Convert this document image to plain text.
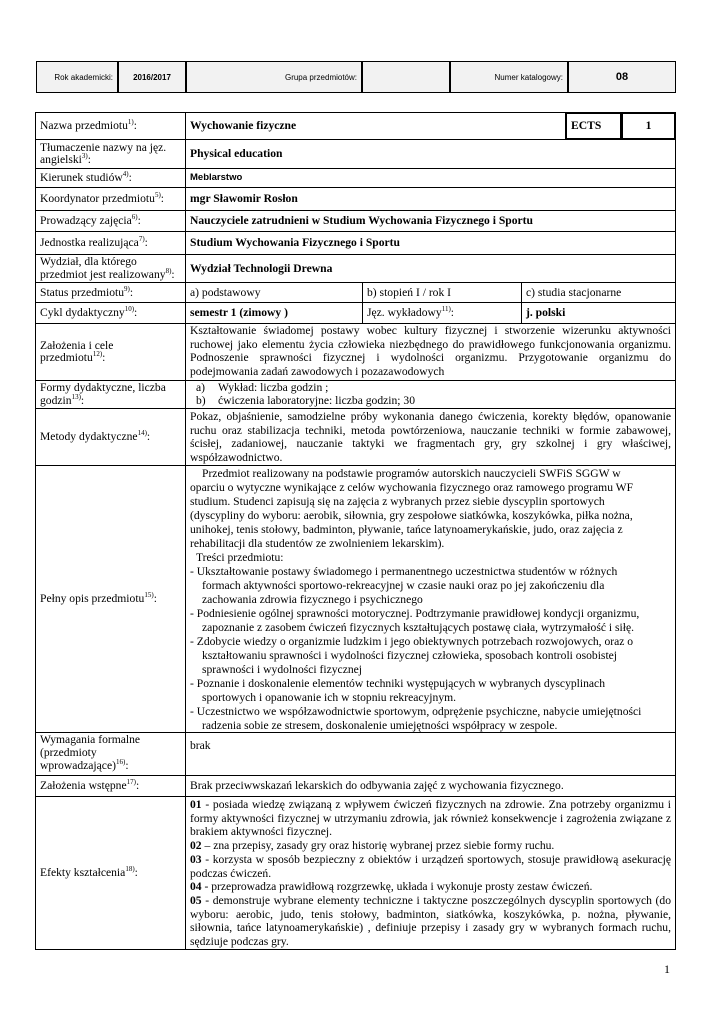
Rok akademicki:	2016/2017	Grupa przedmiotów:	Numer katalogowy:	08
Nazwa przedmiotu$^{1)}$:	Wychowanie fizyczne	ECTS	1
Tłumaczenie nazwy na jęz.
angielski$^{3)}$:	Physical education
Kierunek studiów$^{4)}$:	Meblarstwo
Koordynator przedmiotu$^{5)}$:	mgr Sławomir Rosłon
Prowadzący zajęcia$^{6)}$:	Nauczyciele zatrudnieni w Studium Wychowania Fizycznego i Sportu
Jednostka realizująca$^{7)}$:	Studium Wychowania Fizycznego i Sportu
Wydział, dla którego
przedmiot jest realizowany$^{8)}$:	Wydział Technologii Drewna
Status przedmiotu$^{9)}$:	a) podstawowy	b) stopień I / rok I	c) studia stacjonarne
Cykl dydaktyczny$^{10)}$:	semestr 1 (zimowy )	Jęz. wykładowy$^{11)}$:	j. polski
Założenia i cele
przedmiotu$^{12)}$:
Kształtowanie świadomej postawy wobec kultury fizycznej i stworzenie wizerunku aktywności ruchowej jako elementu życia człowieka niezbędnego do prawidłowego funkcjonowania organizmu. Podnoszenie sprawności fizycznej i wydolności organizmu. Przygotowanie organizmu do podejmowania zadań zawodowych i pozazawodowych
Formy dydaktyczne, liczba
godzin$^{13)}$:
a)	Wykład: liczba godzin ;
b)	ćwiczenia laboratoryjne: liczba godzin; 30
Metody dydaktyczne$^{14)}$:
Pokaz, objaśnienie, samodzielne próby wykonania danego ćwiczenia, korekty błędów, opanowanie ruchu oraz stabilizacja techniki, metoda powtórzeniowa, nauczanie techniki w formie zabawowej, ścisłej, zadaniowej, nauczanie taktyki we fragmentach gry, gry szkolnej i gry właściwej, współzawodnictwo.
Pełny opis przedmiotu$^{15)}$:
Przedmiot realizowany na podstawie programów autorskich nauczycieli SWFiS SGGW w
oparciu o wytyczne wynikające z celów wychowania fizycznego oraz ramowego programu WF
studium. Studenci zapisują się na zajęcia z wybranych przez siebie dyscyplin sportowych
(dyscypliny do wyboru: aerobik, siłownia, gry zespołowe siatkówka, koszykówka, piłka nożna,
unihokej, tenis stołowy, badminton, pływanie, tańce latynoamerykańskie, judo, oraz zajęcia z
rehabilitacji dla studentów ze zwolnieniem lekarskim).
Treści przedmiotu:
- Ukształtowanie postawy świadomego i permanentnego uczestnictwa studentów w różnych
formach aktywności sportowo-rekreacyjnej w czasie nauki oraz po jej zakończeniu dla
zachowania zdrowia fizycznego i psychicznego
- Podniesienie ogólnej sprawności motorycznej. Podtrzymanie prawidłowej kondycji organizmu,
zapoznanie z zasobem ćwiczeń fizycznych kształtujących postawę ciała, wytrzymałość i siłę.
- Zdobycie wiedzy o organizmie ludzkim i jego obiektywnych potrzebach rozwojowych, oraz o
kształtowaniu sprawności i wydolności fizycznej człowieka, sposobach kontroli osobistej
sprawności i wydolności fizycznej
- Poznanie i doskonalenie elementów techniki występujących w wybranych dyscyplinach
sportowych i opanowanie ich w stopniu rekreacyjnym.
- Uczestnictwo we współzawodnictwie sportowym, odprężenie psychiczne, nabycie umiejętności
radzenia sobie ze stresem, doskonalenie umiejętności współpracy w zespole.
Wymagania formalne
(przedmioty
wprowadzające)$^{16)}$:
brak
Założenia wstępne$^{17)}$:	Brak przeciwwskazań lekarskich do odbywania zajęć z wychowania fizycznego.
Efekty kształcenia$^{18)}$:
01 - posiada wiedzę związaną z wpływem ćwiczeń fizycznych na zdrowie. Zna potrzeby organizmu i formy aktywności fizycznej w utrzymaniu zdrowia, jak również konsekwencje i zagrożenia związane z brakiem aktywności fizycznej.
02 – zna przepisy, zasady gry oraz historię wybranej przez siebie formy ruchu.
03 - korzysta w sposób bezpieczny z obiektów i urządzeń sportowych, stosuje prawidłową asekurację podczas ćwiczeń.
04 - przeprowadza prawidłową rozgrzewkę, układa i wykonuje prosty zestaw ćwiczeń.
05 - demonstruje wybrane elementy techniczne i taktyczne poszczególnych dyscyplin sportowych (do wyboru: aerobic, judo, tenis stołowy, badminton, siatkówka, koszykówka, p. nożna, pływanie, siłownia, tańce latynoamerykańskie) , definiuje przepisy i zasady gry w wybranych formach ruchu, sędziuje podczas gry.
1
